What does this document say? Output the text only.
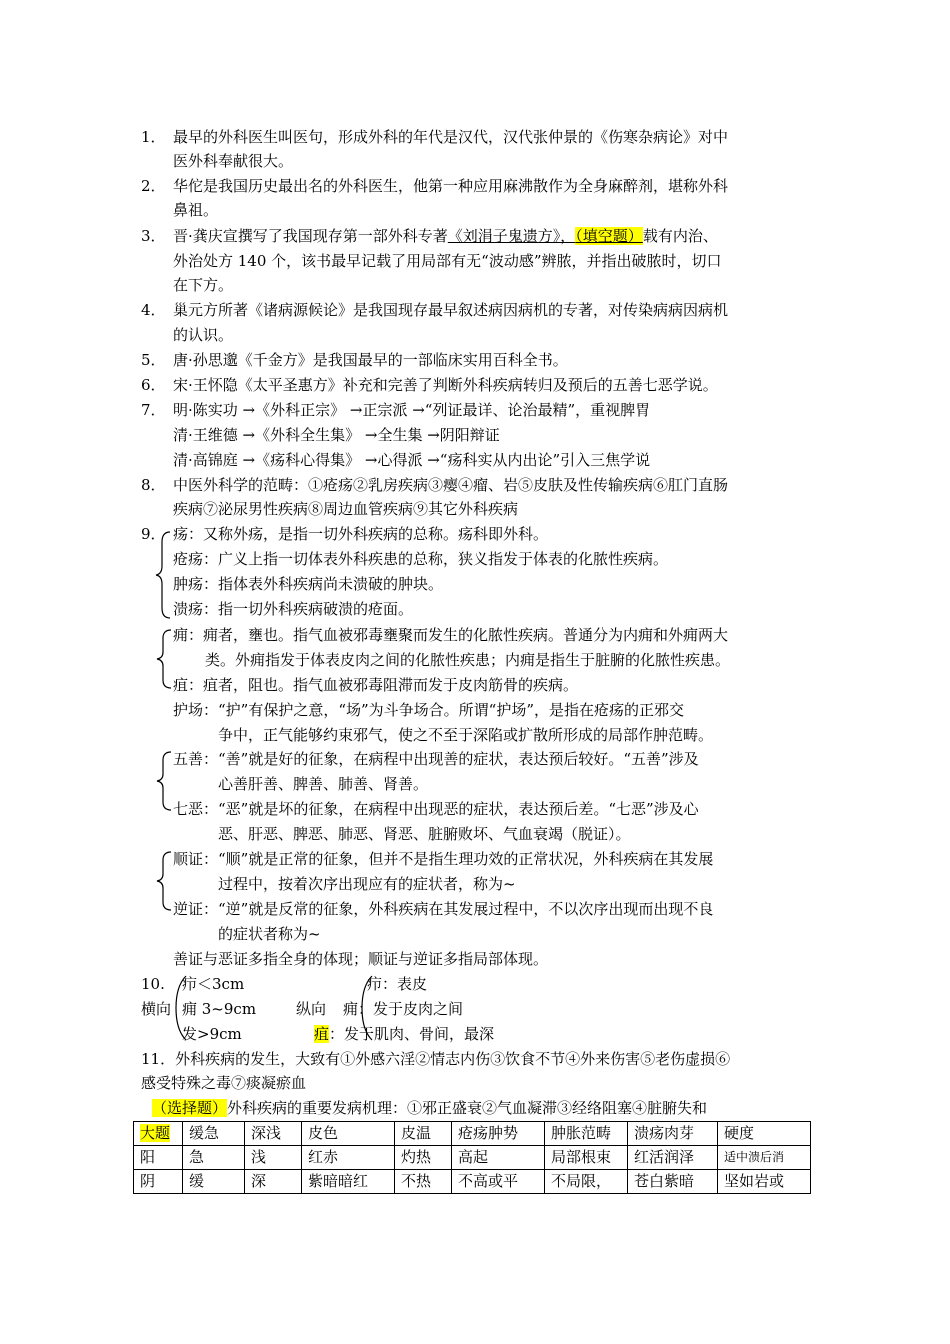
1． 最早的外科医生叫医句，形成外科的年代是汉代，汉代张仲景的《伤寒杂病论》对中
医外科奉献很大。
2． 华佗是我国历史最出名的外科医生，他第一种应用麻沸散作为全身麻醉剂，堪称外科
鼻祖。
3． 晋·龚庆宣撰写了我国现存第一部外科专著《刘涓子鬼遗方》，（填空题）载有内治、
外治处方 140 个，该书最早记载了用局部有无“波动感”辨脓，并指出破脓时，切口
在下方。
4． 巢元方所著《诸病源候论》是我国现存最早叙述病因病机的专著，对传染病病因病机
的认识。
5． 唐·孙思邈《千金方》是我国最早的一部临床实用百科全书。
6． 宋·王怀隐《太平圣惠方》补充和完善了判断外科疾病转归及预后的五善七恶学说。
7． 明·陈实功 →《外科正宗》 →正宗派 →“列证最详、论治最精”，重视脾胃
清·王维德 →《外科全生集》 →全生集 →阴阳辩证
清·高锦庭 →《疡科心得集》 →心得派 →“疡科实从内出论”引入三焦学说
8． 中医外科学的范畴：①疮疡②乳房疾病③瘿④瘤、岩⑤皮肤及性传输疾病⑥肛门直肠
疾病⑦泌尿男性疾病⑧周边血管疾病⑨其它外科疾病
9． 疡：又称外疡，是指一切外科疾病的总称。疡科即外科。
疮疡：广义上指一切体表外科疾患的总称，狭义指发于体表的化脓性疾病。
肿疡：指体表外科疾病尚未溃破的肿块。
溃疡：指一切外科疾病破溃的疮面。
痈：痈者，壅也。指气血被邪毒壅聚而发生的化脓性疾病。普通分为内痈和外痈两大
类。外痈指发于体表皮肉之间的化脓性疾患；内痈是指生于脏腑的化脓性疾患。
疽：疽者，阻也。指气血被邪毒阻滞而发于皮肉筋骨的疾病。
护场：“护”有保护之意，“场”为斗争场合。所谓“护场”，是指在疮疡的正邪交
争中，正气能够约束邪气，使之不至于深陷或扩散所形成的局部作肿范畴。
五善：“善”就是好的征象，在病程中出现善的症状，表达预后较好。“五善”涉及
心善肝善、脾善、肺善、肾善。
七恶：“恶”就是坏的征象，在病程中出现恶的症状，表达预后差。“七恶”涉及心
恶、肝恶、脾恶、肺恶、肾恶、脏腑败坏、气血衰竭（脱证）。
顺证：“顺”就是正常的征象，但并不是指生理功效的正常状况，外科疾病在其发展
过程中，按着次序出现应有的症状者，称为~
逆证：“逆”就是反常的征象，外科疾病在其发展过程中，不以次序出现而出现不良
的症状者称为~
善证与恶证多指全身的体现；顺证与逆证多指局部体现。
10. 疖＜3cm	疖：表皮
横向 痈 3~9cm	纵向 痈：发于皮肉之间
发>9cm	疽：发于肌肉、骨间，最深
11．外科疾病的发生，大致有①外感六淫②情志内伤③饮食不节④外来伤害⑤老伤虚损⑥
感受特殊之毒⑦痰凝瘀血
（选择题）外科疾病的重要发病机理：①邪正盛衰②气血凝滞③经络阻塞④脏腑失和
大题	缓急	深浅	皮色	皮温	疮疡肿势	肿胀范畴	溃疡肉芽	硬度
阳	急	浅	红赤	灼热	高起	局部根束	红活润泽	适中溃后消
阴	缓	深	紫暗暗红	不热	不高或平	不局限，	苍白紫暗	坚如岩或
